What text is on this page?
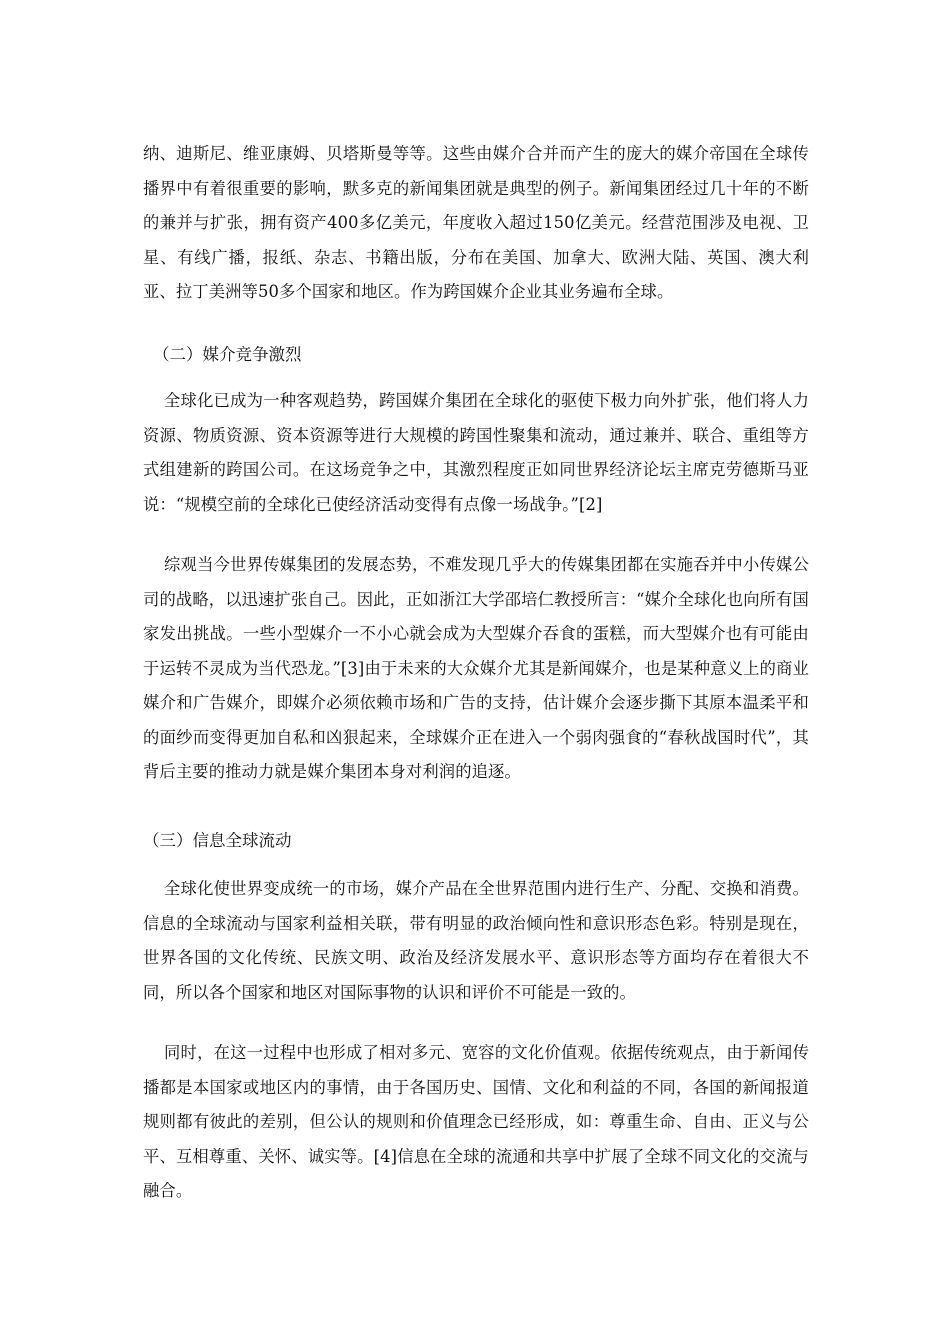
纳、迪斯尼、维亚康姆、贝塔斯曼等等。这些由媒介合并而产生的庞大的媒介帝国在全球传播界中有着很重要的影响，默多克的新闻集团就是典型的例子。新闻集团经过几十年的不断的兼并与扩张，拥有资产400多亿美元，年度收入超过150亿美元。经营范围涉及电视、卫星、有线广播，报纸、杂志、书籍出版，分布在美国、加拿大、欧洲大陆、英国、澳大利亚、拉丁美洲等50多个国家和地区。作为跨国媒介企业其业务遍布全球。

（二）媒介竞争激烈

全球化已成为一种客观趋势，跨国媒介集团在全球化的驱使下极力向外扩张，他们将人力资源、物质资源、资本资源等进行大规模的跨国性聚集和流动，通过兼并、联合、重组等方式组建新的跨国公司。在这场竞争之中，其激烈程度正如同世界经济论坛主席克劳德斯马亚说：“规模空前的全球化已使经济活动变得有点像一场战争。”[2]

综观当今世界传媒集团的发展态势，不难发现几乎大的传媒集团都在实施吞并中小传媒公司的战略，以迅速扩张自己。因此，正如浙江大学邵培仁教授所言：“媒介全球化也向所有国家发出挑战。一些小型媒介一不小心就会成为大型媒介吞食的蛋糕，而大型媒介也有可能由于运转不灵成为当代恐龙。”[3]由于未来的大众媒介尤其是新闻媒介，也是某种意义上的商业媒介和广告媒介，即媒介必须依赖市场和广告的支持，估计媒介会逐步撕下其原本温柔平和的面纱而变得更加自私和凶狠起来，全球媒介正在进入一个弱肉强食的“春秋战国时代”，其背后主要的推动力就是媒介集团本身对利润的追逐。

（三）信息全球流动

全球化使世界变成统一的市场，媒介产品在全世界范围内进行生产、分配、交换和消费。信息的全球流动与国家利益相关联，带有明显的政治倾向性和意识形态色彩。特别是现在，世界各国的文化传统、民族文明、政治及经济发展水平、意识形态等方面均存在着很大不同，所以各个国家和地区对国际事物的认识和评价不可能是一致的。

同时，在这一过程中也形成了相对多元、宽容的文化价值观。依据传统观点，由于新闻传播都是本国家或地区内的事情，由于各国历史、国情、文化和利益的不同，各国的新闻报道规则都有彼此的差别，但公认的规则和价值理念已经形成，如：尊重生命、自由、正义与公平、互相尊重、关怀、诚实等。[4]信息在全球的流通和共享中扩展了全球不同文化的交流与融合。
